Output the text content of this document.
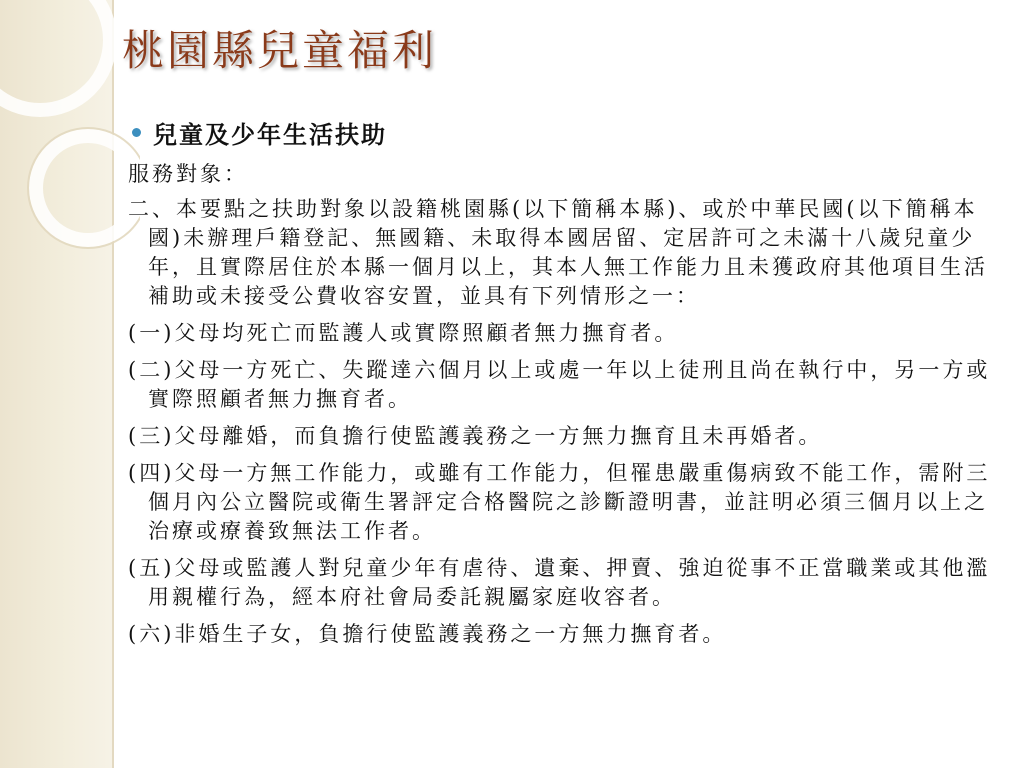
桃園縣兒童福利
兒童及少年生活扶助

服務對象：

二、本要點之扶助對象以設籍桃園縣(以下簡稱本縣)、或於中華民國(以下簡稱本國)未辦理戶籍登記、無國籍、未取得本國居留、定居許可之未滿十八歲兒童少年，且實際居住於本縣一個月以上，其本人無工作能力且未獲政府其他項目生活補助或未接受公費收容安置，並具有下列情形之一：

(一)父母均死亡而監護人或實際照顧者無力撫育者。

(二)父母一方死亡、失蹤達六個月以上或處一年以上徒刑且尚在執行中，另一方或實際照顧者無力撫育者。

(三)父母離婚，而負擔行使監護義務之一方無力撫育且未再婚者。

(四)父母一方無工作能力，或雖有工作能力，但罹患嚴重傷病致不能工作，需附三個月內公立醫院或衛生署評定合格醫院之診斷證明書，並註明必須三個月以上之治療或療養致無法工作者。

(五)父母或監護人對兒童少年有虐待、遺棄、押賣、強迫從事不正當職業或其他濫用親權行為，經本府社會局委託親屬家庭收容者。

(六)非婚生子女，負擔行使監護義務之一方無力撫育者。
